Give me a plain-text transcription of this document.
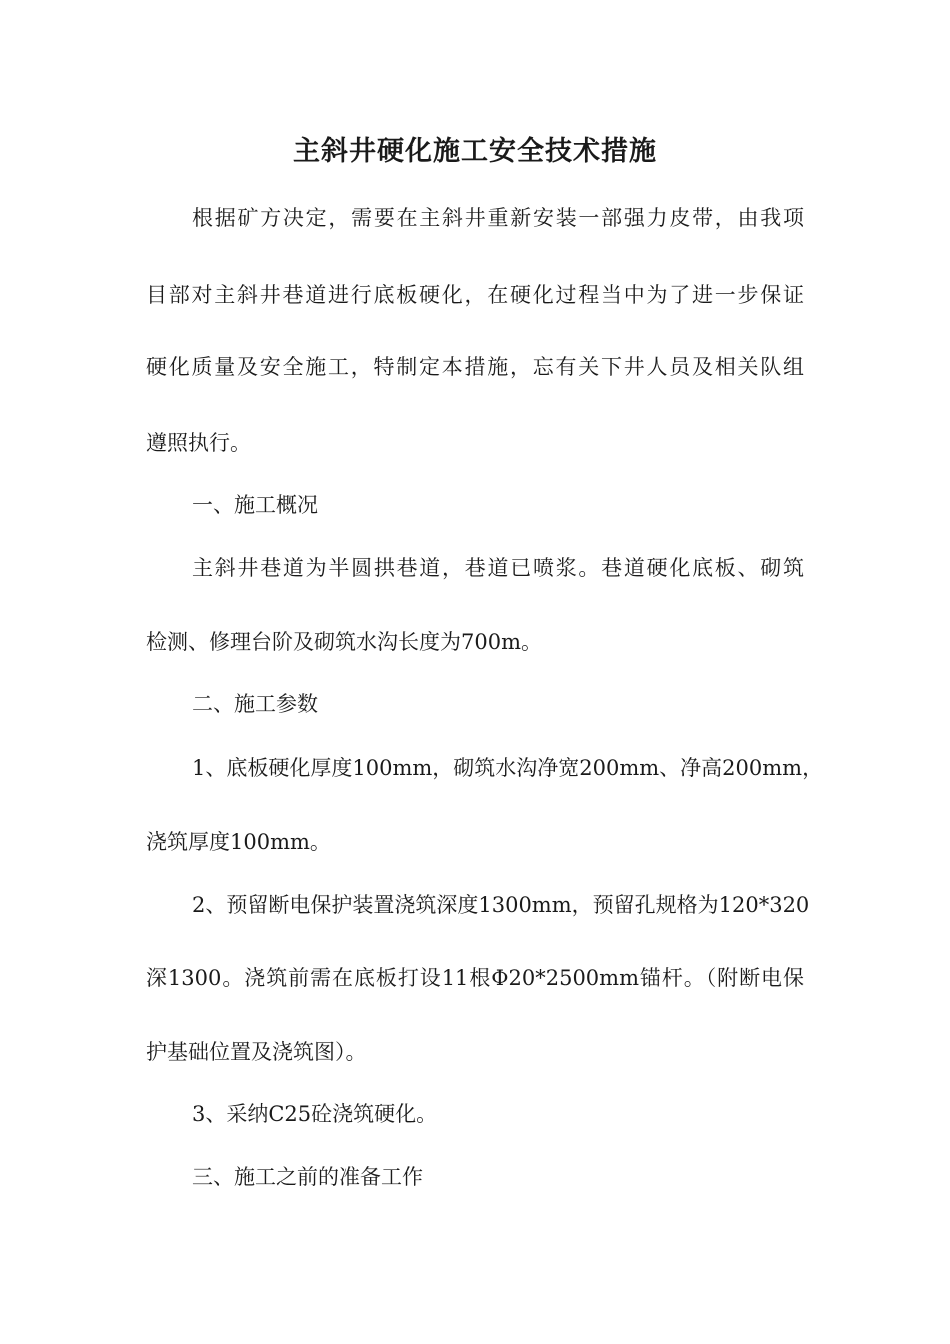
主斜井硬化施工安全技术措施
根据矿方决定，需要在主斜井重新安装一部强力皮带，由我项
目部对主斜井巷道进行底板硬化，在硬化过程当中为了进一步保证
硬化质量及安全施工，特制定本措施，忘有关下井人员及相关队组
遵照执行。
一、施工概况
主斜井巷道为半圆拱巷道，巷道已喷浆。巷道硬化底板、砌筑
检测、修理台阶及砌筑水沟长度为700m。
二、施工参数
1、底板硬化厚度100mm，砌筑水沟净宽200mm、净高200mm，
浇筑厚度100mm。
2、预留断电保护装置浇筑深度1300mm，预留孔规格为120*320
深1300。浇筑前需在底板打设11根Φ20*2500mm锚杆。（附断电保
护基础位置及浇筑图）。
3、采纳C25砼浇筑硬化。
三、施工之前的准备工作
